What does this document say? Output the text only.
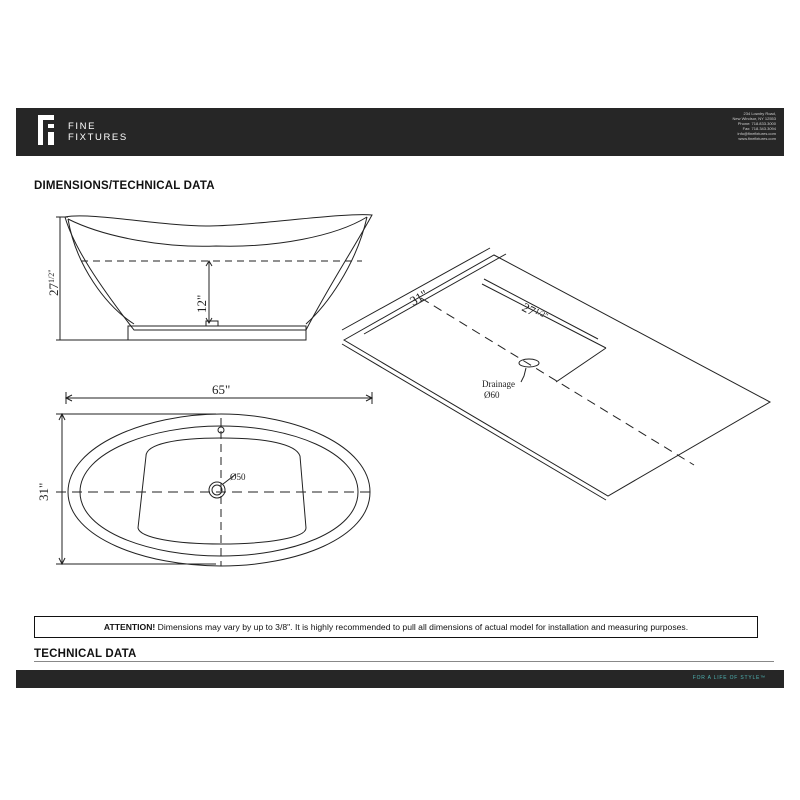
FINE
FIXTURES
234 Lowdry Road,
New Windsor, NY 12553
Phone: 718.833.3000
Fax: 718.343.3094
info@finefixtures.com
www.finefixtures.com
DIMENSIONS/TECHNICAL DATA
$27^{1/2"}$
12"
65"
31"
Ø50
31"
$27^{1/2"}$
Drainage
Ø60
ATTENTION! Dimensions may vary by up to 3/8". It is highly recommended to pull all dimensions of actual model for installation and measuring purposes.
TECHNICAL DATA
FOR A LIFE OF STYLE™
